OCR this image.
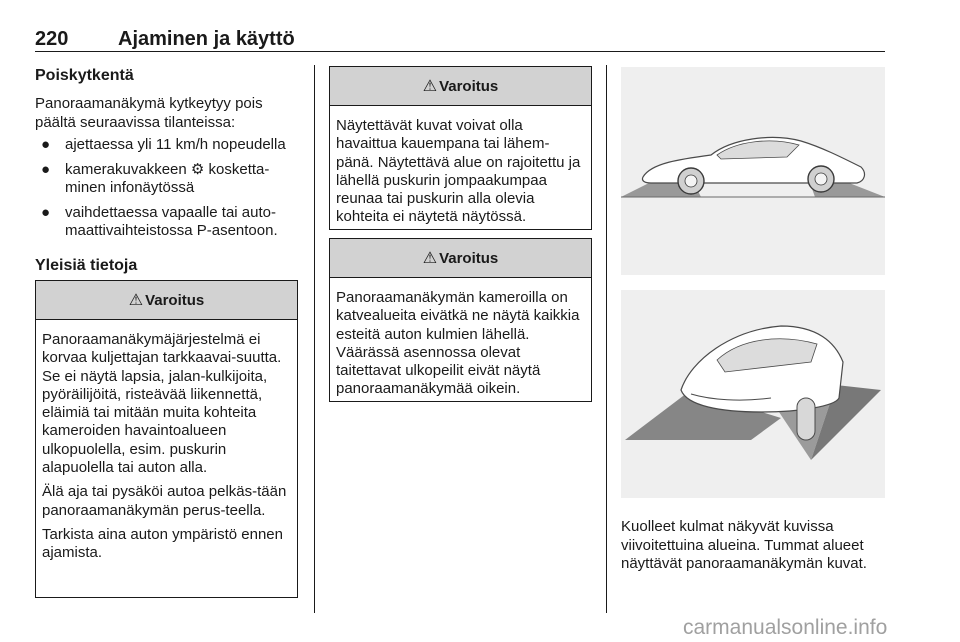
220 Ajaminen ja käyttö
Poiskytkentä

Panoraamanäkymä kytkeytyy pois päältä seuraavissa tilanteissa:

● ajettaessa yli 11 km/h nopeudella
● kamerakuvakkeen ⚙ kosketta-minen infonäytössä
● vaihdettaessa vapaalle tai auto-maattivaihteistossa P-asentoon.
Yleisiä tietoja
⚠ Varoitus

Panoraamanäkymäjärjestelmä ei korvaa kuljettajan tarkkaavai-suutta. Se ei näytä lapsia, jalan-kulkijoita, pyöräilijöitä, risteävää liikennettä, eläimiä tai mitään muita kohteita kameroiden havaintoalueen ulkopuolella, esim. puskurin alapuolella tai auton alla.

Älä aja tai pysäköi autoa pelkäs-tään panoraamanäkymän perus-teella.

Tarkista aina auton ympäristö ennen ajamista.

⚠ Varoitus

Näytettävät kuvat voivat olla havaittua kauempana tai lähem-pänä. Näytettävä alue on rajoitettu ja lähellä puskurin jompaakumpaa reunaa tai puskurin alla olevia kohteita ei näytetä näytössä.

⚠ Varoitus

Panoraamanäkymän kameroilla on katvealueita eivätkä ne näytä kaikkia esteitä auton kulmien lähellä. Väärässä asennossa olevat taitettavat ulkopeilit eivät näytä panoraamanäkymää oikein.

Kuolleet kulmat näkyvät kuvissa viivoitettuina alueina. Tummat alueet näyttävät panoraamanäkymän kuvat.

carmanualsonline.info
